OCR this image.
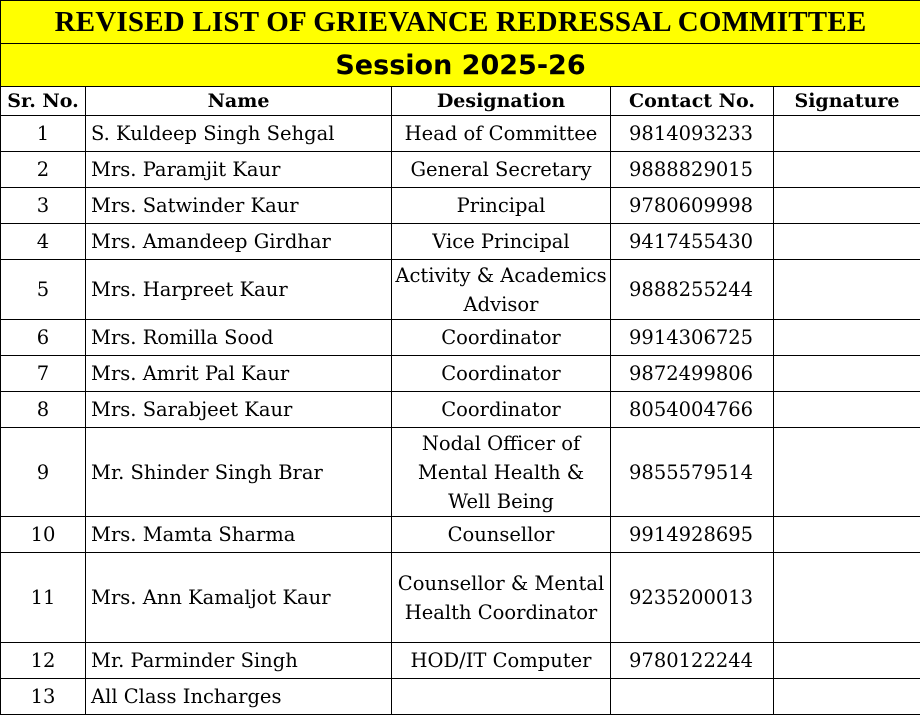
REVISED LIST OF GRIEVANCE REDRESSAL COMMITTEE				
Session 2025-26				
Sr. No.	Name	Designation	Contact No.	Signature
1	S. Kuldeep Singh Sehgal	Head of Committee	9814093233	
2	Mrs. Paramjit Kaur	General Secretary	9888829015	
3	Mrs. Satwinder Kaur	Principal	9780609998	
4	Mrs. Amandeep Girdhar	Vice Principal	9417455430	
5	Mrs. Harpreet Kaur	Activity & Academics Advisor	9888255244	
6	Mrs. Romilla Sood	Coordinator	9914306725	
7	Mrs. Amrit Pal Kaur	Coordinator	9872499806	
8	Mrs. Sarabjeet Kaur	Coordinator	8054004766	
9	Mr. Shinder Singh Brar	Nodal Officer of Mental Health & Well Being	9855579514	
10	Mrs. Mamta Sharma	Counsellor	9914928695	
11	Mrs. Ann Kamaljot Kaur	Counsellor & Mental Health Coordinator	9235200013	
12	Mr. Parminder Singh	HOD/IT Computer	9780122244	
13	All Class Incharges			
